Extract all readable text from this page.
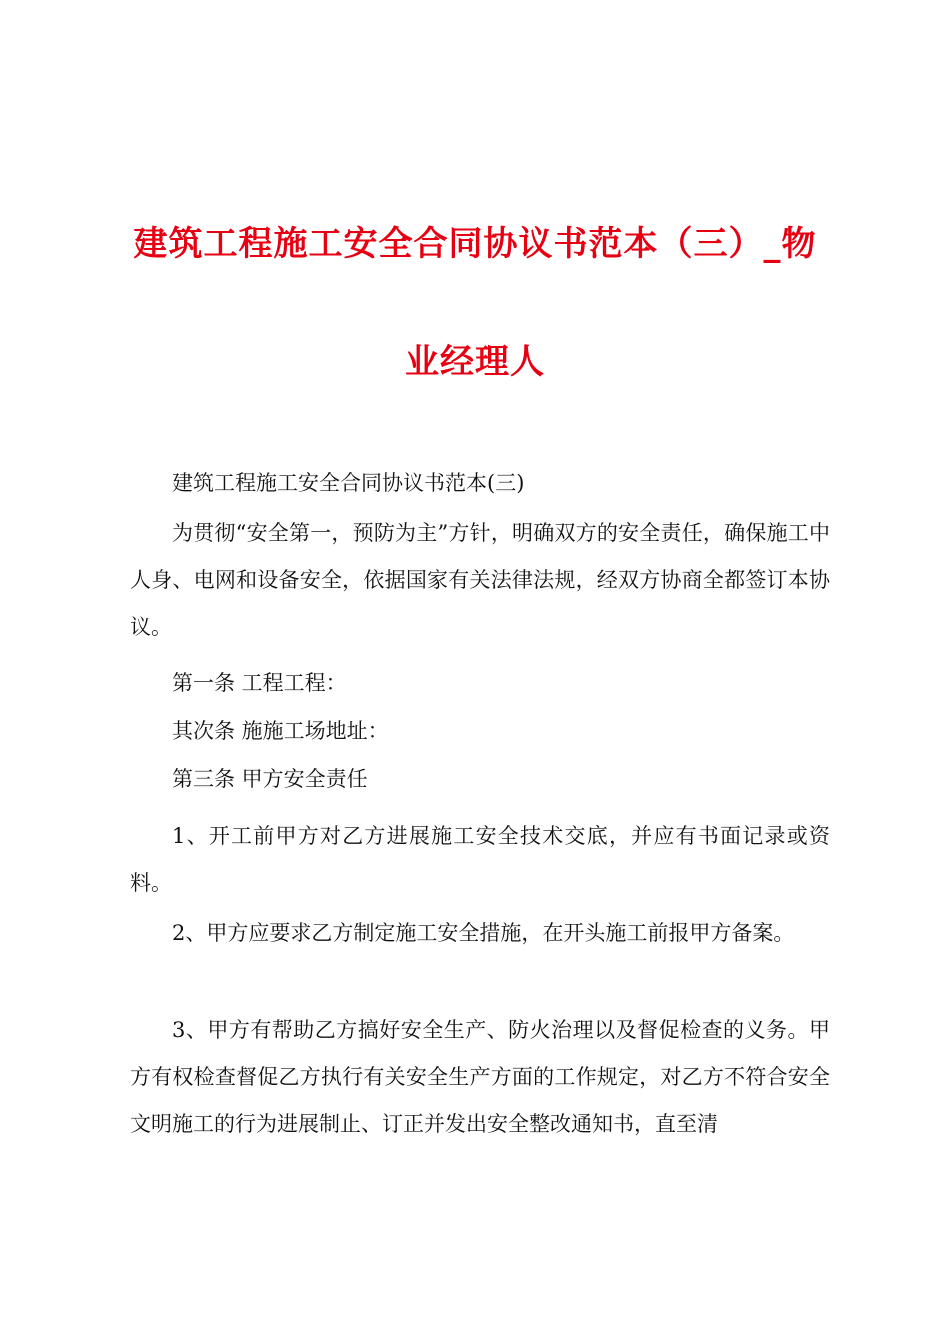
建筑工程施工安全合同协议书范本（三）_物
业经理人

建筑工程施工安全合同协议书范本(三)

为贯彻“安全第一，预防为主”方针，明确双方的安全责任，确保施工中人身、电网和设备安全，依据国家有关法律法规，经双方协商全都签订本协议。

第一条 工程工程：

其次条 施施工场地址：

第三条 甲方安全责任

1、开工前甲方对乙方进展施工安全技术交底，并应有书面记录或资料。

2、甲方应要求乙方制定施工安全措施，在开头施工前报甲方备案。

3、甲方有帮助乙方搞好安全生产、防火治理以及督促检查的义务。甲方有权检查督促乙方执行有关安全生产方面的工作规定，对乙方不符合安全文明施工的行为进展制止、订正并发出安全整改通知书，直至清
